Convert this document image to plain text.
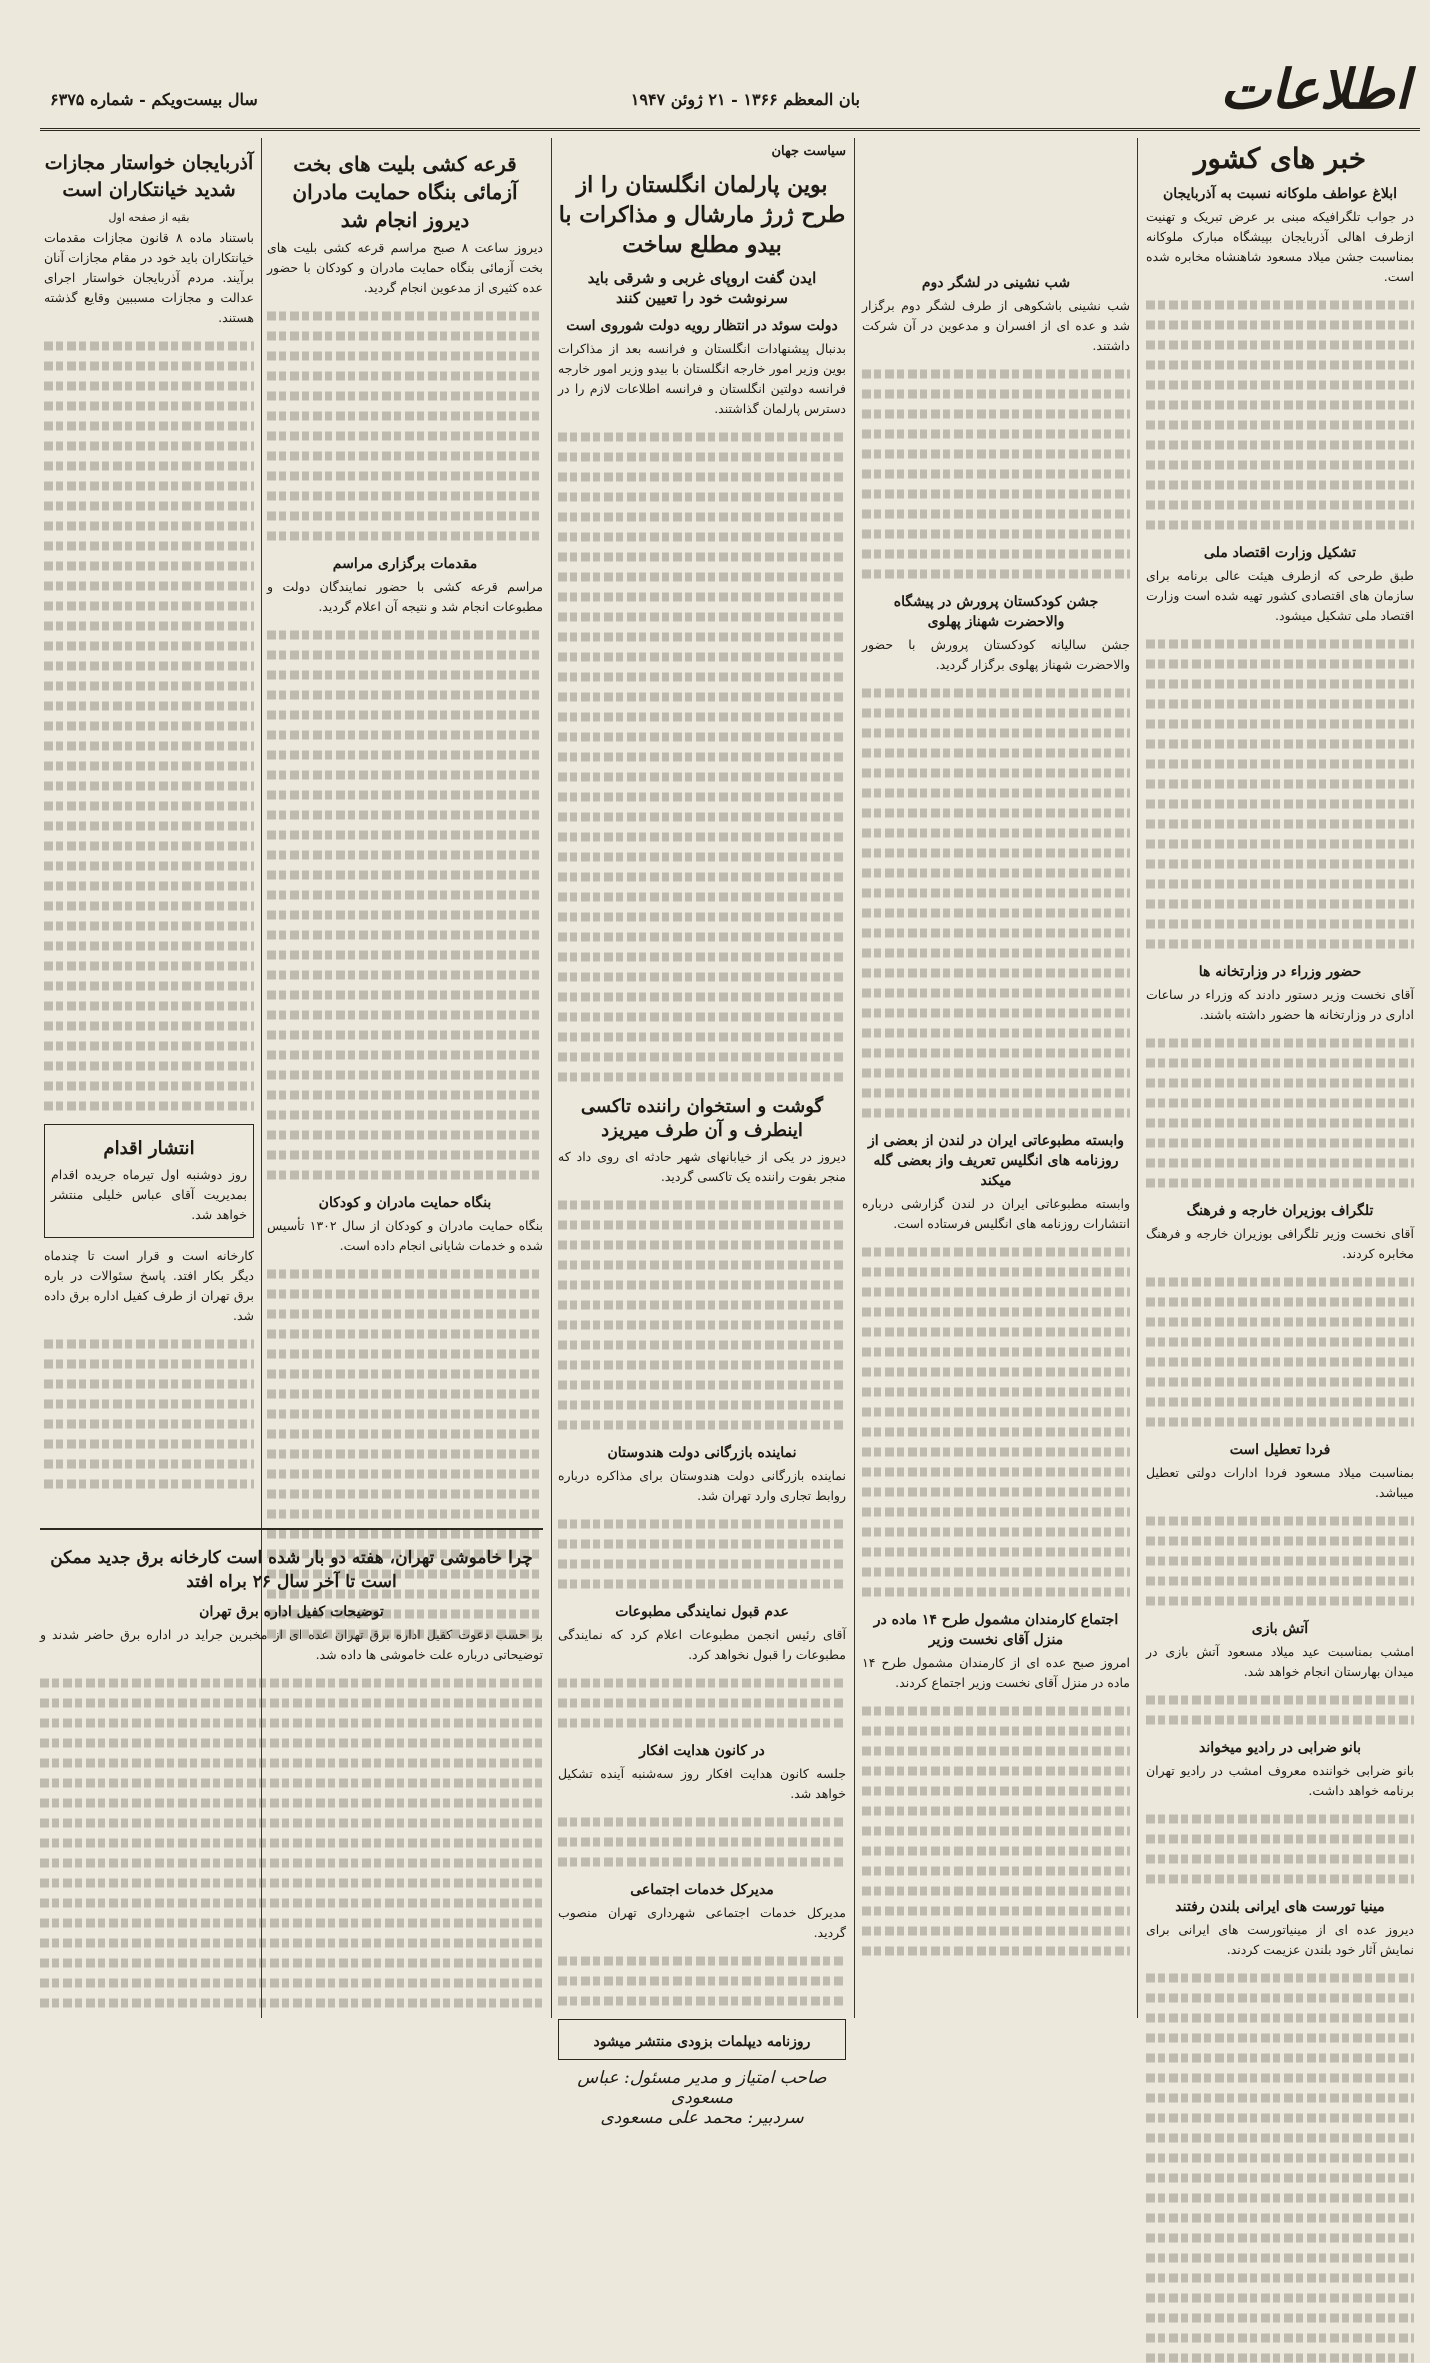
اطلاعات
بان المعظم ۱۳۶۶ - ۲۱ ژوئن ۱۹۴۷
سال بیست‌ویکم - شماره ۶۳۷۵
خبر های کشور
ابلاغ عواطف ملوکانه نسبت به آذربایجان

در جواب تلگرافیکه مبنی بر عرض تبریک و تهنیت ازطرف اهالی آذربایجان بپیشگاه مبارک ملوکانه بمناسبت جشن میلاد مسعود شاهنشاه مخابره شده است.

تشکیل وزارت اقتصاد ملی

طبق طرحی که ازطرف هیئت عالی برنامه برای سازمان های اقتصادی کشور تهیه شده است وزارت اقتصاد ملی تشکیل میشود.

حضور وزراء در وزارتخانه ها

آقای نخست وزیر دستور دادند که وزراء در ساعات اداری در وزارتخانه ها حضور داشته باشند.

تلگراف بوزیران خارجه و فرهنگ

آقای نخست وزیر تلگرافی بوزیران خارجه و فرهنگ مخابره کردند.

فردا تعطیل است

بمناسبت میلاد مسعود فردا ادارات دولتی تعطیل میباشد.

آتش بازی

امشب بمناسبت عید میلاد مسعود آتش بازی در میدان بهارستان انجام خواهد شد.

بانو ضرابی در رادیو میخواند

بانو ضرابی خواننده معروف امشب در رادیو تهران برنامه خواهد داشت.

مینیا تورست های ایرانی بلندن رفتند

دیروز عده ای از مینیاتورست های ایرانی برای نمایش آثار خود بلندن عزیمت کردند.

شب نشینی در لشگر دوم

شب نشینی باشکوهی از طرف لشگر دوم برگزار شد و عده ای از افسران و مدعوین در آن شرکت داشتند.

جشن کودکستان پرورش در پیشگاه والاحضرت شهناز پهلوی

جشن سالیانه کودکستان پرورش با حضور والاحضرت شهناز پهلوی برگزار گردید.

وابسته مطبوعاتی ایران در لندن از بعضی از روزنامه های انگلیس تعریف واز بعضی گله میکند

وابسته مطبوعاتی ایران در لندن گزارشی درباره انتشارات روزنامه های انگلیس فرستاده است.

اجتماع کارمندان مشمول طرح ۱۴ ماده در منزل آقای نخست وزیر

امروز صبح عده ای از کارمندان مشمول طرح ۱۴ ماده در منزل آقای نخست وزیر اجتماع کردند.

سیاست جهان
بوین پارلمان انگلستان را از طرح ژرژ مارشال و مذاکرات با بیدو مطلع ساخت
ایدن گفت اروپای غربی و شرقی باید سرنوشت خود را تعیین کنند
دولت سوئد در انتظار رویه دولت شوروی است

بدنبال پیشنهادات انگلستان و فرانسه بعد از مذاکرات بوین وزیر امور خارجه انگلستان با بیدو وزیر امور خارجه فرانسه دولتین انگلستان و فرانسه اطلاعات لازم را در دسترس پارلمان گذاشتند.

گوشت و استخوان راننده تاکسی اینطرف و آن طرف میریزد

دیروز در یکی از خیابانهای شهر حادثه ای روی داد که منجر بفوت راننده یک تاکسی گردید.

نماینده بازرگانی دولت هندوستان

نماینده بازرگانی دولت هندوستان برای مذاکره درباره روابط تجاری وارد تهران شد.

عدم قبول نمایندگی مطبوعات

آقای رئیس انجمن مطبوعات اعلام کرد که نمایندگی مطبوعات را قبول نخواهد کرد.

در کانون هدایت افکار

جلسه کانون هدایت افکار روز سه‌شنبه آینده تشکیل خواهد شد.

مدیرکل خدمات اجتماعی

مدیرکل خدمات اجتماعی شهرداری تهران منصوب گردید.

روزنامه دیپلمات بزودی منتشر میشود
صاحب امتیاز و مدیر مسئول: عباس مسعودی
سردبیر: محمد علی مسعودی
قرعه کشی بلیت های بخت آزمائی بنگاه حمایت مادران دیروز انجام شد

دیروز ساعت ۸ صبح مراسم قرعه کشی بلیت های بخت آزمائی بنگاه حمایت مادران و کودکان با حضور عده کثیری از مدعوین انجام گردید.

مقدمات برگزاری مراسم

مراسم قرعه کشی با حضور نمایندگان دولت و مطبوعات انجام شد و نتیجه آن اعلام گردید.

بنگاه حمایت مادران و کودکان

بنگاه حمایت مادران و کودکان از سال ۱۳۰۲ تأسیس شده و خدمات شایانی انجام داده است.

چرا خاموشی تهران، هفته دو بار شده است کارخانه برق جدید ممکن است تا آخر سال ۲۶ براه افتد
توضیحات کفیل اداره برق تهران

بر حسب دعوت کفیل اداره برق تهران عده ای از مخبرین جراید در اداره برق حاضر شدند و توضیحاتی درباره علت خاموشی ها داده شد.

آذربایجان خواستار مجازات شدید خیانتکاران است
بقیه از صفحه اول

باستناد ماده ۸ قانون مجازات مقدمات خیانتکاران باید خود در مقام مجازات آنان برآیند. مردم آذربایجان خواستار اجرای عدالت و مجازات مسببین وقایع گذشته هستند.

انتشار اقدام

روز دوشنبه اول تیرماه جریده اقدام بمدیریت آقای عباس خلیلی منتشر خواهد شد.

کارخانه است و قرار است تا چندماه دیگر بکار افتد. پاسخ سئوالات در باره برق تهران از طرف کفیل اداره برق داده شد.
